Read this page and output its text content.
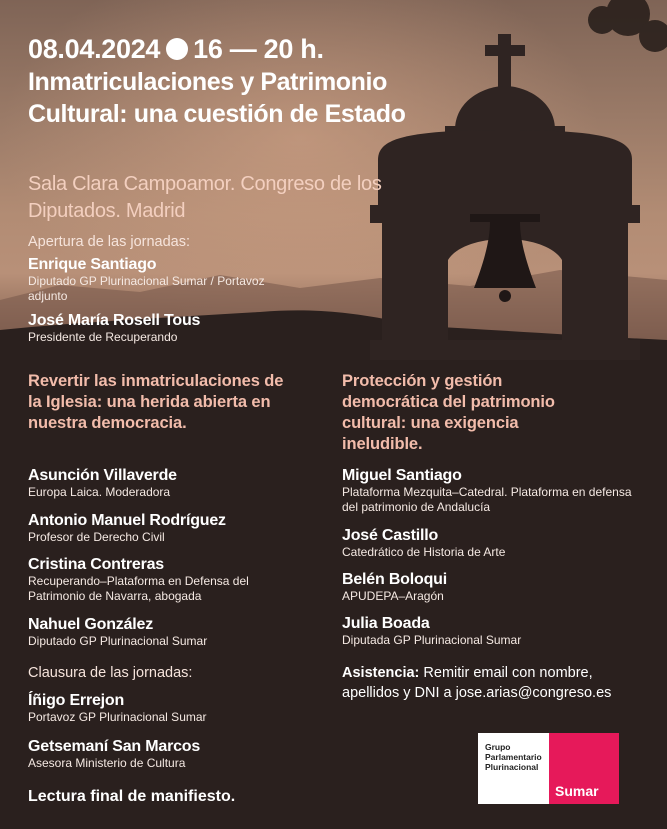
08.04.2024 16 — 20 h.
Inmatriculaciones y Patrimonio Cultural: una cuestión de Estado
Sala Clara Campoamor. Congreso de los Diputados. Madrid
Apertura de las jornadas:
Enrique Santiago
Diputado GP Plurinacional Sumar / Portavoz adjunto
José María Rosell Tous
Presidente de Recuperando
Revertir las inmatriculaciones de la Iglesia: una herida abierta en nuestra democracia.
Asunción Villaverde
Europa Laica. Moderadora
Antonio Manuel Rodríguez
Profesor de Derecho Civil
Cristina Contreras
Recuperando–Plataforma en Defensa del Patrimonio de Navarra, abogada
Nahuel González
Diputado GP Plurinacional Sumar
Protección y gestión democrática del patrimonio cultural: una exigencia ineludible.
Miguel Santiago
Plataforma Mezquita–Catedral. Plataforma en defensa del patrimonio de Andalucía
José Castillo
Catedrático de Historia de Arte
Belén Boloqui
APUDEPA–Aragón
Julia Boada
Diputada GP Plurinacional Sumar
Clausura de las jornadas:
Íñigo Errejon
Portavoz GP Plurinacional Sumar
Getsemaní San Marcos
Asesora Ministerio de Cultura
Lectura final de manifiesto.
Asistencia: Remitir email con nombre, apellidos y DNI a jose.arias@congreso.es
Grupo
Parlamentario
Plurinacional
Sumar
